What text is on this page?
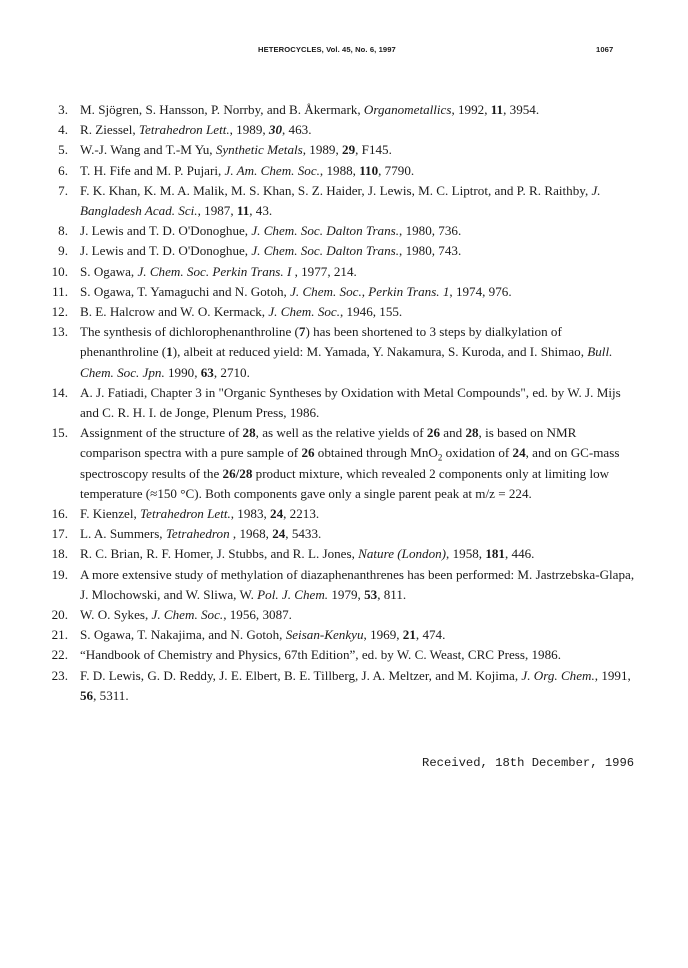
HETEROCYCLES, Vol. 45, No. 6, 1997	1067
3. M. Sjögren, S. Hansson, P. Norrby, and B. Åkermark, Organometallics, 1992, 11, 3954.
4. R. Ziessel, Tetrahedron Lett., 1989, 30, 463.
5. W.-J. Wang and T.-M Yu, Synthetic Metals, 1989, 29, F145.
6. T. H. Fife and M. P. Pujari, J. Am. Chem. Soc., 1988, 110, 7790.
7. F. K. Khan, K. M. A. Malik, M. S. Khan, S. Z. Haider, J. Lewis, M. C. Liptrot, and P. R. Raithby, J. Bangladesh Acad. Sci., 1987, 11, 43.
8. J. Lewis and T. D. O'Donoghue, J. Chem. Soc. Dalton Trans., 1980, 736.
9. J. Lewis and T. D. O'Donoghue, J. Chem. Soc. Dalton Trans., 1980, 743.
10. S. Ogawa, J. Chem. Soc. Perkin Trans. I , 1977, 214.
11. S. Ogawa, T. Yamaguchi and N. Gotoh, J. Chem. Soc., Perkin Trans. 1, 1974, 976.
12. B. E. Halcrow and W. O. Kermack, J. Chem. Soc., 1946, 155.
13. The synthesis of dichlorophenanthroline (7) has been shortened to 3 steps by dialkylation of phenanthroline (1), albeit at reduced yield: M. Yamada, Y. Nakamura, S. Kuroda, and I. Shimao, Bull. Chem. Soc. Jpn. 1990, 63, 2710.
14. A. J. Fatiadi, Chapter 3 in "Organic Syntheses by Oxidation with Metal Compounds", ed. by W. J. Mijs and C. R. H. I. de Jonge, Plenum Press, 1986.
15. Assignment of the structure of 28, as well as the relative yields of 26 and 28, is based on NMR comparison spectra with a pure sample of 26 obtained through MnO$_2$ oxidation of 24, and on GC-mass spectroscopy results of the 26/28 product mixture, which revealed 2 components only at limiting low temperature (≈150 °C). Both components gave only a single parent peak at m/z = 224.
16. F. Kienzel, Tetrahedron Lett., 1983, 24, 2213.
17. L. A. Summers, Tetrahedron , 1968, 24, 5433.
18. R. C. Brian, R. F. Homer, J. Stubbs, and R. L. Jones, Nature (London), 1958, 181, 446.
19. A more extensive study of methylation of diazaphenanthrenes has been performed: M. Jastrzebska-Glapa, J. Mlochowski, and W. Sliwa, W. Pol. J. Chem. 1979, 53, 811.
20. W. O. Sykes, J. Chem. Soc., 1956, 3087.
21. S. Ogawa, T. Nakajima, and N. Gotoh, Seisan-Kenkyu, 1969, 21, 474.
22. “Handbook of Chemistry and Physics, 67th Edition”, ed. by W. C. Weast, CRC Press, 1986.
23. F. D. Lewis, G. D. Reddy, J. E. Elbert, B. E. Tillberg, J. A. Meltzer, and M. Kojima, J. Org. Chem., 1991, 56, 5311.
Received, 18th December, 1996
